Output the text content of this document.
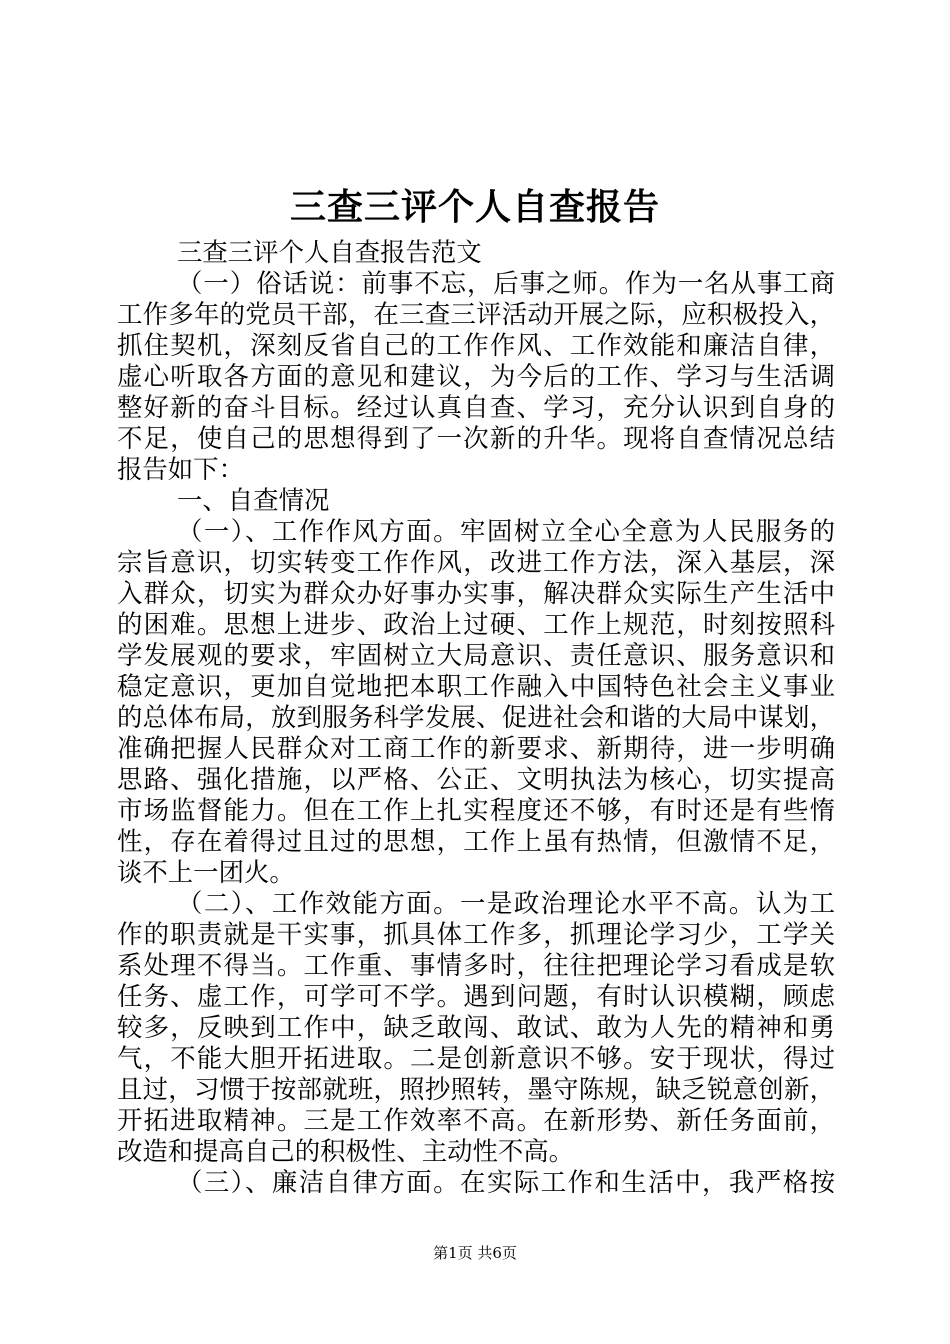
三查三评个人自查报告
三查三评个人自查报告范文
（一）俗话说：前事不忘，后事之师。作为一名从事工商
工作多年的党员干部，在三查三评活动开展之际，应积极投入，
抓住契机，深刻反省自己的工作作风、工作效能和廉洁自律，
虚心听取各方面的意见和建议，为今后的工作、学习与生活调
整好新的奋斗目标。经过认真自查、学习，充分认识到自身的
不足，使自己的思想得到了一次新的升华。现将自查情况总结
报告如下：
一、自查情况
（一）、工作作风方面。牢固树立全心全意为人民服务的
宗旨意识，切实转变工作作风，改进工作方法，深入基层，深
入群众，切实为群众办好事办实事，解决群众实际生产生活中
的困难。思想上进步、政治上过硬、工作上规范，时刻按照科
学发展观的要求，牢固树立大局意识、责任意识、服务意识和
稳定意识，更加自觉地把本职工作融入中国特色社会主义事业
的总体布局，放到服务科学发展、促进社会和谐的大局中谋划，
准确把握人民群众对工商工作的新要求、新期待，进一步明确
思路、强化措施，以严格、公正、文明执法为核心，切实提高
市场监督能力。但在工作上扎实程度还不够，有时还是有些惰
性，存在着得过且过的思想，工作上虽有热情，但激情不足，
谈不上一团火。
（二）、工作效能方面。一是政治理论水平不高。认为工
作的职责就是干实事，抓具体工作多，抓理论学习少，工学关
系处理不得当。工作重、事情多时，往往把理论学习看成是软
任务、虚工作，可学可不学。遇到问题，有时认识模糊，顾虑
较多，反映到工作中，缺乏敢闯、敢试、敢为人先的精神和勇
气，不能大胆开拓进取。二是创新意识不够。安于现状，得过
且过，习惯于按部就班，照抄照转，墨守陈规，缺乏锐意创新，
开拓进取精神。三是工作效率不高。在新形势、新任务面前，
改造和提高自己的积极性、主动性不高。
（三）、廉洁自律方面。在实际工作和生活中，我严格按
第1页 共6页
